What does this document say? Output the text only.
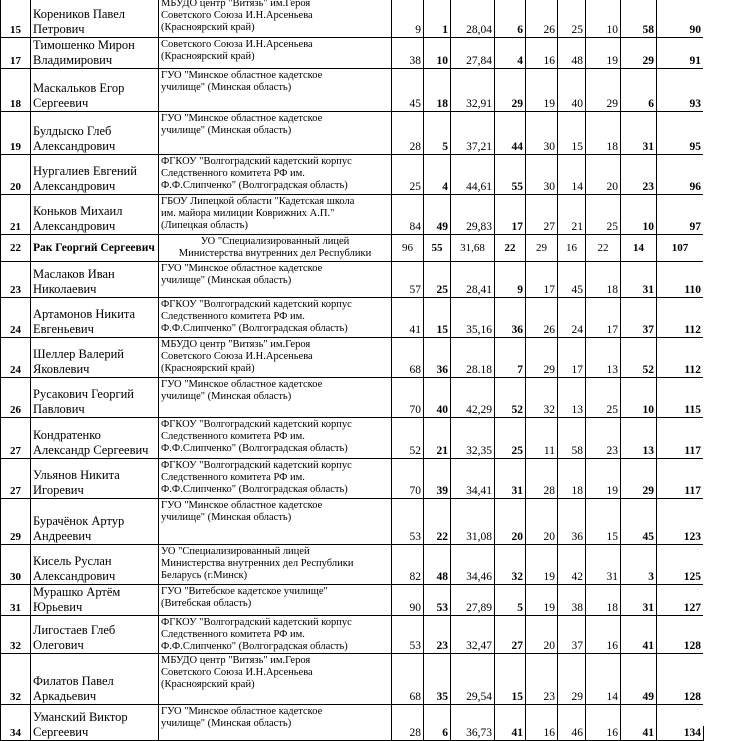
15	Кореников Павел
Петрович	МБУДО центр "Витязь" им.Героя
Советского Союза И.Н.Арсеньева
(Красноярский край)	9	1	28,04	6	26	25	10	58	90
17	Тимошенко Мирон
Владимирович	Советского Союза И.Н.Арсеньева
(Красноярский край)	38	10	27,84	4	16	48	19	29	91
18	Маскальков Егор
Сергеевич	ГУО "Минское областное кадетское
училище" (Минская область)	45	18	32,91	29	19	40	29	6	93
19	Булдыско Глеб
Александрович	ГУО "Минское областное кадетское
училище" (Минская область)	28	5	37,21	44	30	15	18	31	95
20	Нургалиев Евгений
Александрович	ФГКОУ "Волгоградский кадетский корпус
Следственного комитета РФ им.
Ф.Ф.Слипченко" (Волгоградская область)	25	4	44,61	55	30	14	20	23	96
21	Коньков Михаил
Александрович	ГБОУ Липецкой области "Кадетская школа
им. майора милиции Коврижних А.П."
(Липецкая область)	84	49	29,83	17	27	21	25	10	97
22	Рак Георгий Сергеевич	УО "Специализированный лицей
Министерства внутренних дел Республики	96	55	31,68	22	29	16	22	14	107
23	Маслаков Иван
Николаевич	ГУО "Минское областное кадетское
училище" (Минская область)	57	25	28,41	9	17	45	18	31	110
24	Артамонов Никита
Евгеньевич	ФГКОУ "Волгоградский кадетский корпус
Следственного комитета РФ им.
Ф.Ф.Слипченко" (Волгоградская область)	41	15	35,16	36	26	24	17	37	112
24	Шеллер Валерий
Яковлевич	МБУДО центр "Витязь" им.Героя
Советского Союза И.Н.Арсеньева
(Красноярский край)	68	36	28.18	7	29	17	13	52	112
26	Русакович Георгий
Павлович	ГУО "Минское областное кадетское
училище" (Минская область)	70	40	42,29	52	32	13	25	10	115
27	Кондратенко
Александр Сергеевич	ФГКОУ "Волгоградский кадетский корпус
Следственного комитета РФ им.
Ф.Ф.Слипченко" (Волгоградская область)	52	21	32,35	25	11	58	23	13	117
27	Ульянов Никита
Игоревич	ФГКОУ "Волгоградский кадетский корпус
Следственного комитета РФ им.
Ф.Ф.Слипченко" (Волгоградская область)	70	39	34,41	31	28	18	19	29	117
29	Бурачёнок Артур
Андреевич	ГУО "Минское областное кадетское
училище" (Минская область)	53	22	31,08	20	20	36	15	45	123
30	Кисель Руслан
Александрович	УО "Специализированный лицей
Министерства внутренних дел Республики
Беларусь (г.Минск)	82	48	34,46	32	19	42	31	3	125
31	Мурашко Артём
Юрьевич	ГУО "Витебское кадетское училище"
(Витебская область)	90	53	27,89	5	19	38	18	31	127
32	Лигостаев Глеб
Олегович	ФГКОУ "Волгоградский кадетский корпус
Следственного комитета РФ им.
Ф.Ф.Слипченко" (Волгоградская область)	53	23	32,47	27	20	37	16	41	128
32	Филатов Павел
Аркадьевич	МБУДО центр "Витязь" им.Героя
Советского Союза И.Н.Арсеньева
(Красноярский край)	68	35	29,54	15	23	29	14	49	128
34	Уманский Виктор
Сергеевич	ГУО "Минское областное кадетское
училище" (Минская область)	28	6	36,73	41	16	46	16	41	134
